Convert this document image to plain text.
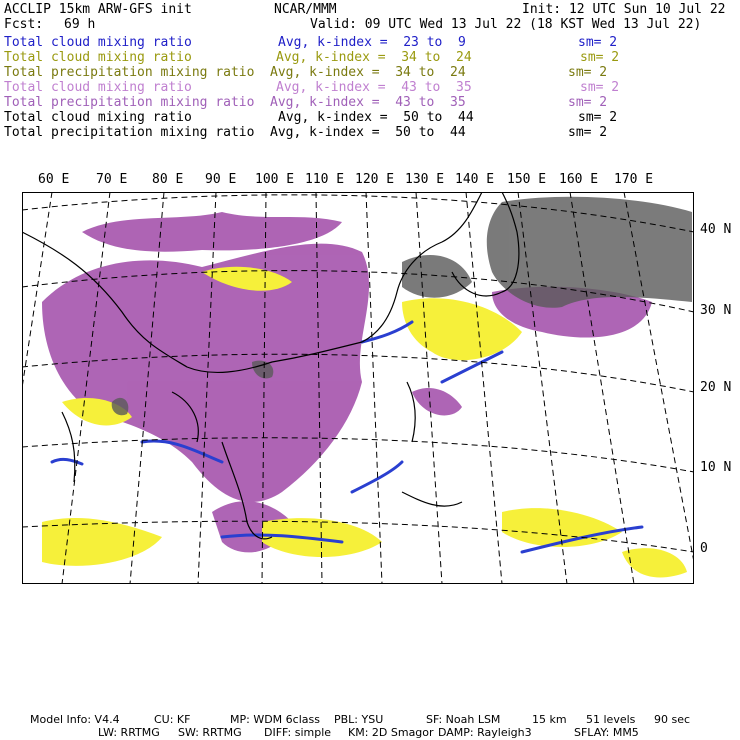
ACCLIP 15km ARW-GFS init	NCAR/MMM	Init: 12 UTC Sun 10 Jul 22
Fcst: 69 h	Valid: 09 UTC Wed 13 Jul 22 (18 KST Wed 13 Jul 22)
Total cloud mixing ratio	Avg, k-index =  23 to  9	sm= 2
Total cloud mixing ratio	Avg, k-index =  34 to  24	sm= 2
Total precipitation mixing ratio Avg, k-index =  34 to  24	sm= 2
Total cloud mixing ratio	Avg, k-index =  43 to  35	sm= 2
Total precipitation mixing ratio Avg, k-index =  43 to  35	sm= 2
Total cloud mixing ratio	Avg, k-index =  50 to  44	sm= 2
Total precipitation mixing ratio Avg, k-index =  50 to  44	sm= 2
60 E 70 E 80 E 90 E 100 E 110 E 120 E 130 E 140 E 150 E 160 E 170 E
40 N
30 N
20 N
10 N
0
Model Info: V4.4	CU: KF	MP: WDM 6class PBL: YSU	SF: Noah LSM	15 km 51 levels 90 sec
LW: RRTMG SW: RRTMG DIFF: simple KM: 2D Smagor DAMP: Rayleigh3	SFLAY: MM5
